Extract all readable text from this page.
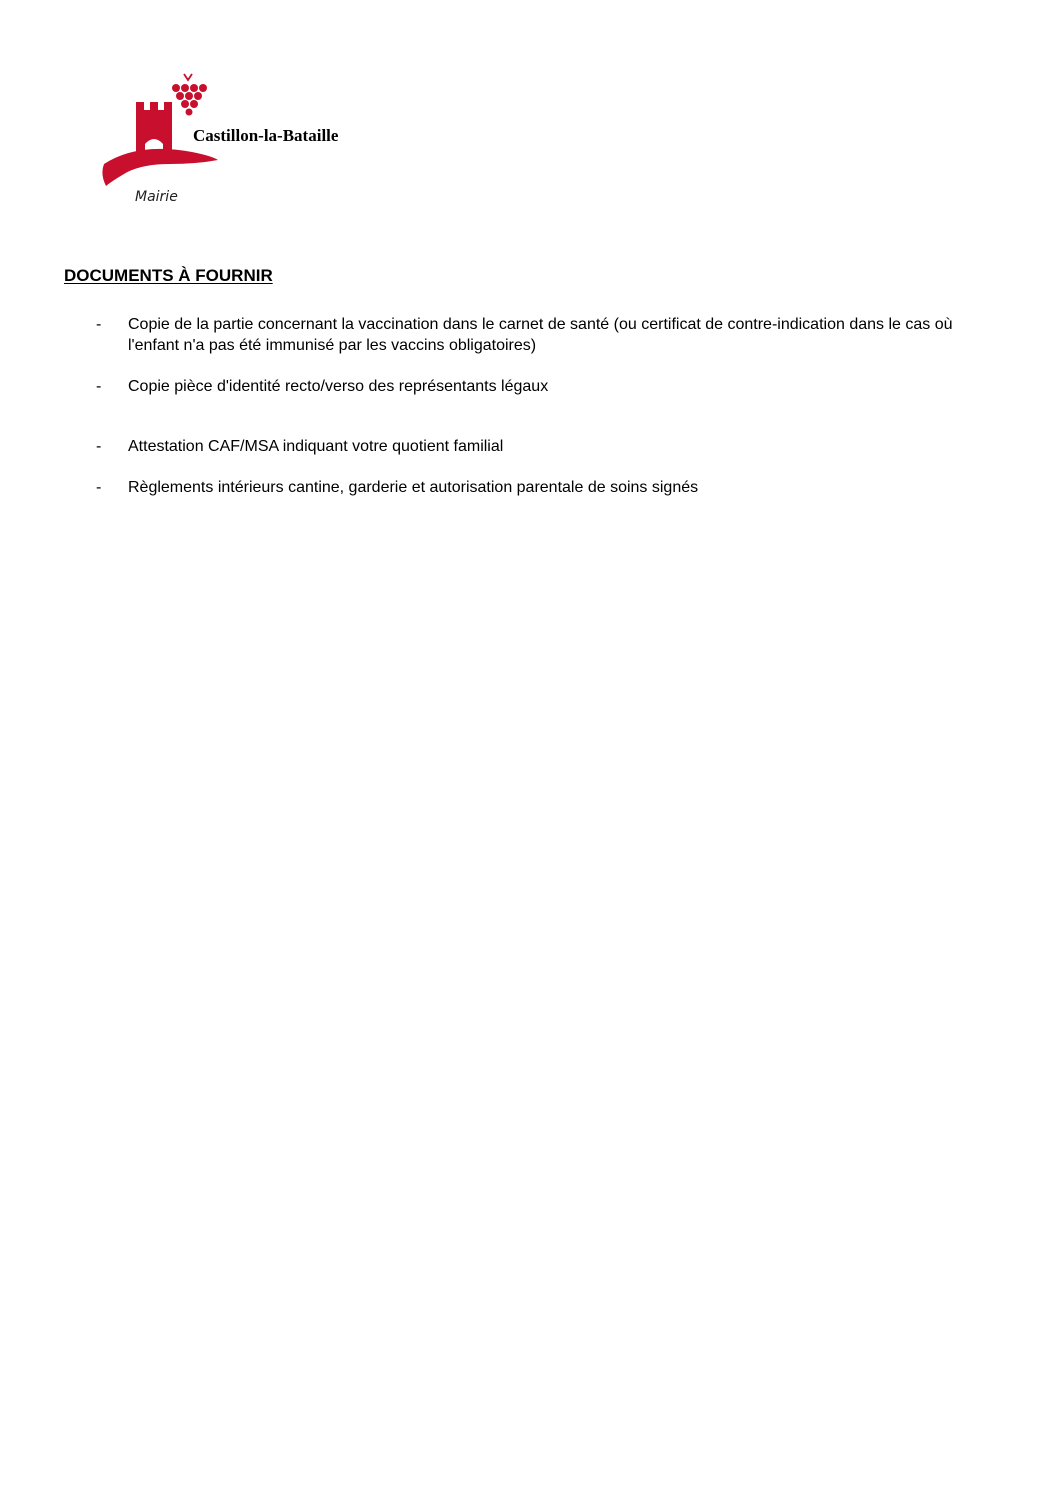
Castillon-la-Bataille
Mairie
DOCUMENTS À FOURNIR
- Copie de la partie concernant la vaccination dans le carnet de santé (ou certificat de contre-indication dans le cas où l'enfant n'a pas été immunisé par les vaccins obligatoires)
- Copie pièce d'identité recto/verso des représentants légaux
- Attestation CAF/MSA indiquant votre quotient familial
- Règlements intérieurs cantine, garderie et autorisation parentale de soins signés
